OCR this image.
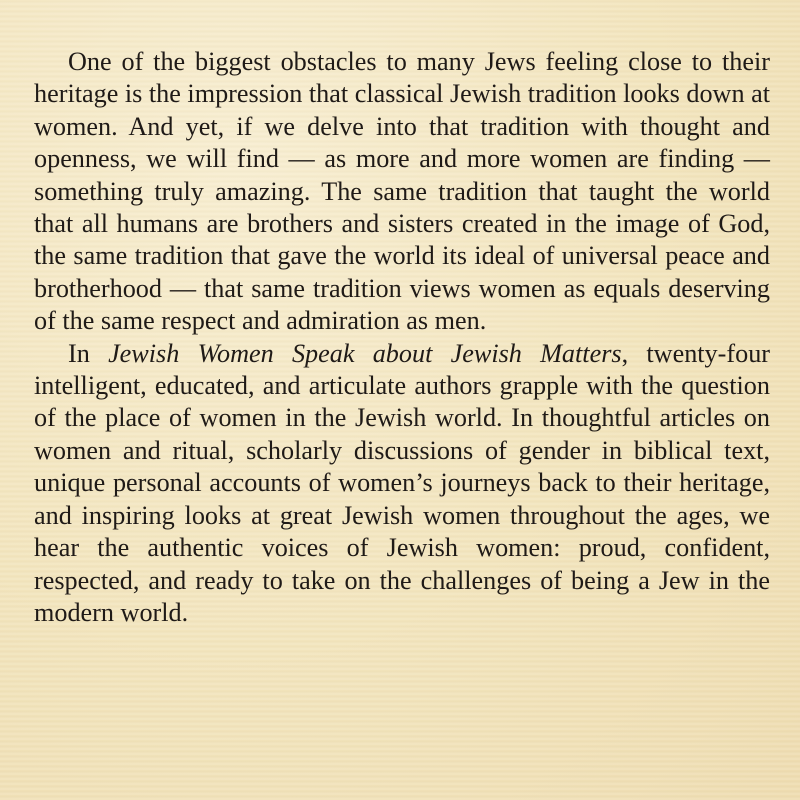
One of the biggest obstacles to many Jews feeling close to their heritage is the impression that classical Jewish tradition looks down at women. And yet, if we delve into that tradition with thought and openness, we will find — as more and more women are finding — something truly amazing. The same tradition that taught the world that all humans are brothers and sisters created in the image of God, the same tradition that gave the world its ideal of universal peace and brotherhood — that same tradition views women as equals deserving of the same respect and admiration as men.

In Jewish Women Speak about Jewish Matters, twenty-four intelligent, educated, and articulate authors grapple with the question of the place of women in the Jewish world. In thoughtful articles on women and ritual, scholarly discussions of gender in biblical text, unique personal accounts of women’s journeys back to their heritage, and inspiring looks at great Jewish women throughout the ages, we hear the authentic voices of Jewish women: proud, confident, respected, and ready to take on the challenges of being a Jew in the modern world.
